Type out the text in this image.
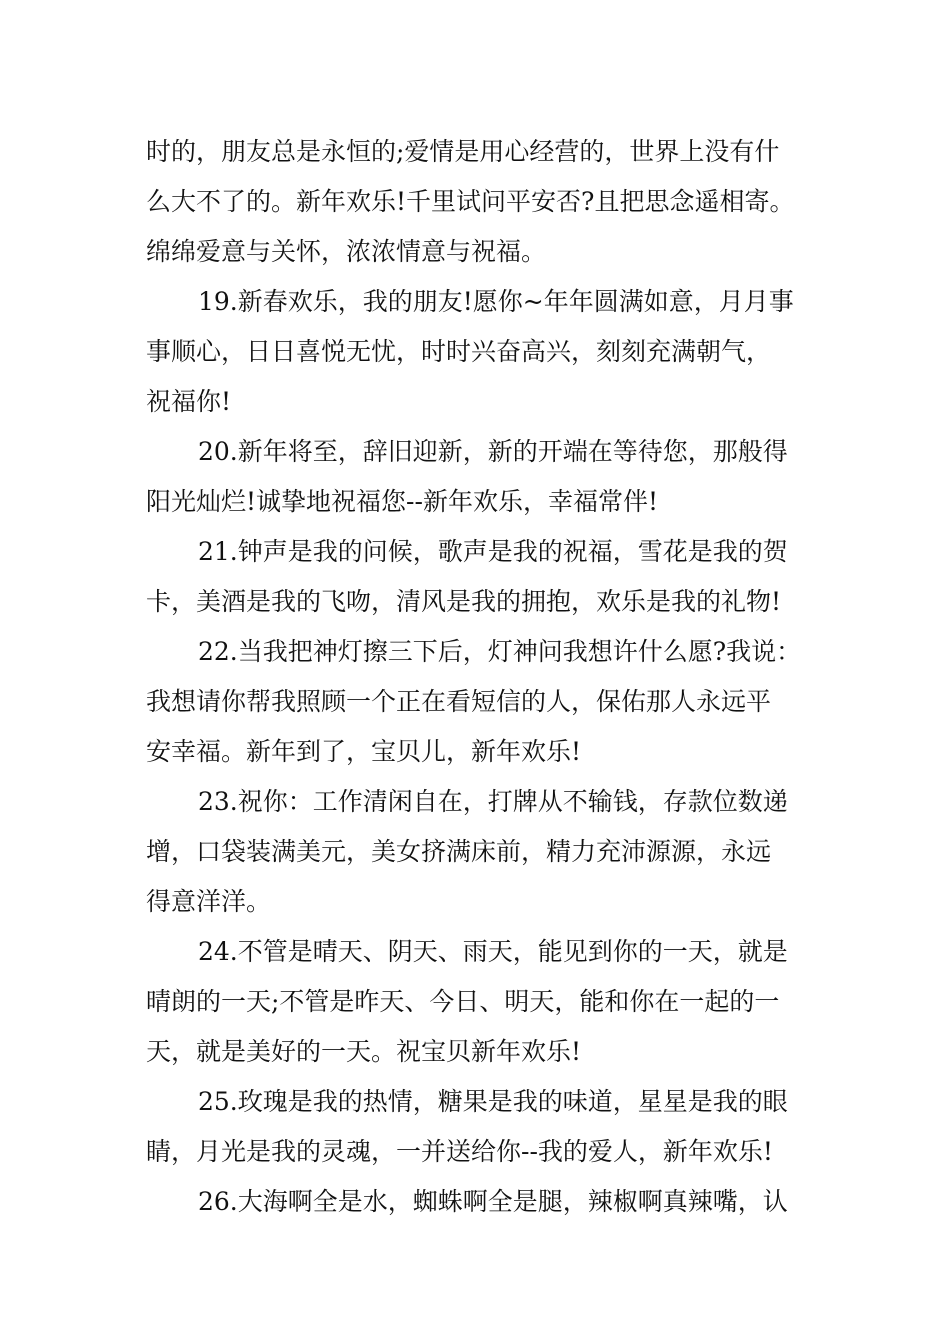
时的，朋友总是永恒的;爱情是用心经营的，世界上没有什
么大不了的。新年欢乐!千里试问平安否?且把思念遥相寄。
绵绵爱意与关怀，浓浓情意与祝福。
19.新春欢乐，我的朋友!愿你~年年圆满如意，月月事
事顺心，日日喜悦无忧，时时兴奋高兴，刻刻充满朝气，
祝福你!
20.新年将至，辞旧迎新，新的开端在等待您，那般得
阳光灿烂!诚挚地祝福您--新年欢乐，幸福常伴!
21.钟声是我的问候，歌声是我的祝福，雪花是我的贺
卡，美酒是我的飞吻，清风是我的拥抱，欢乐是我的礼物!
22.当我把神灯擦三下后，灯神问我想许什么愿?我说：
我想请你帮我照顾一个正在看短信的人，保佑那人永远平
安幸福。新年到了，宝贝儿，新年欢乐!
23.祝你：工作清闲自在，打牌从不输钱，存款位数递
增，口袋装满美元，美女挤满床前，精力充沛源源，永远
得意洋洋。
24.不管是晴天、阴天、雨天，能见到你的一天，就是
晴朗的一天;不管是昨天、今日、明天，能和你在一起的一
天，就是美好的一天。祝宝贝新年欢乐!
25.玫瑰是我的热情，糖果是我的味道，星星是我的眼
睛，月光是我的灵魂，一并送给你--我的爱人，新年欢乐!
26.大海啊全是水，蜘蛛啊全是腿，辣椒啊真辣嘴，认
